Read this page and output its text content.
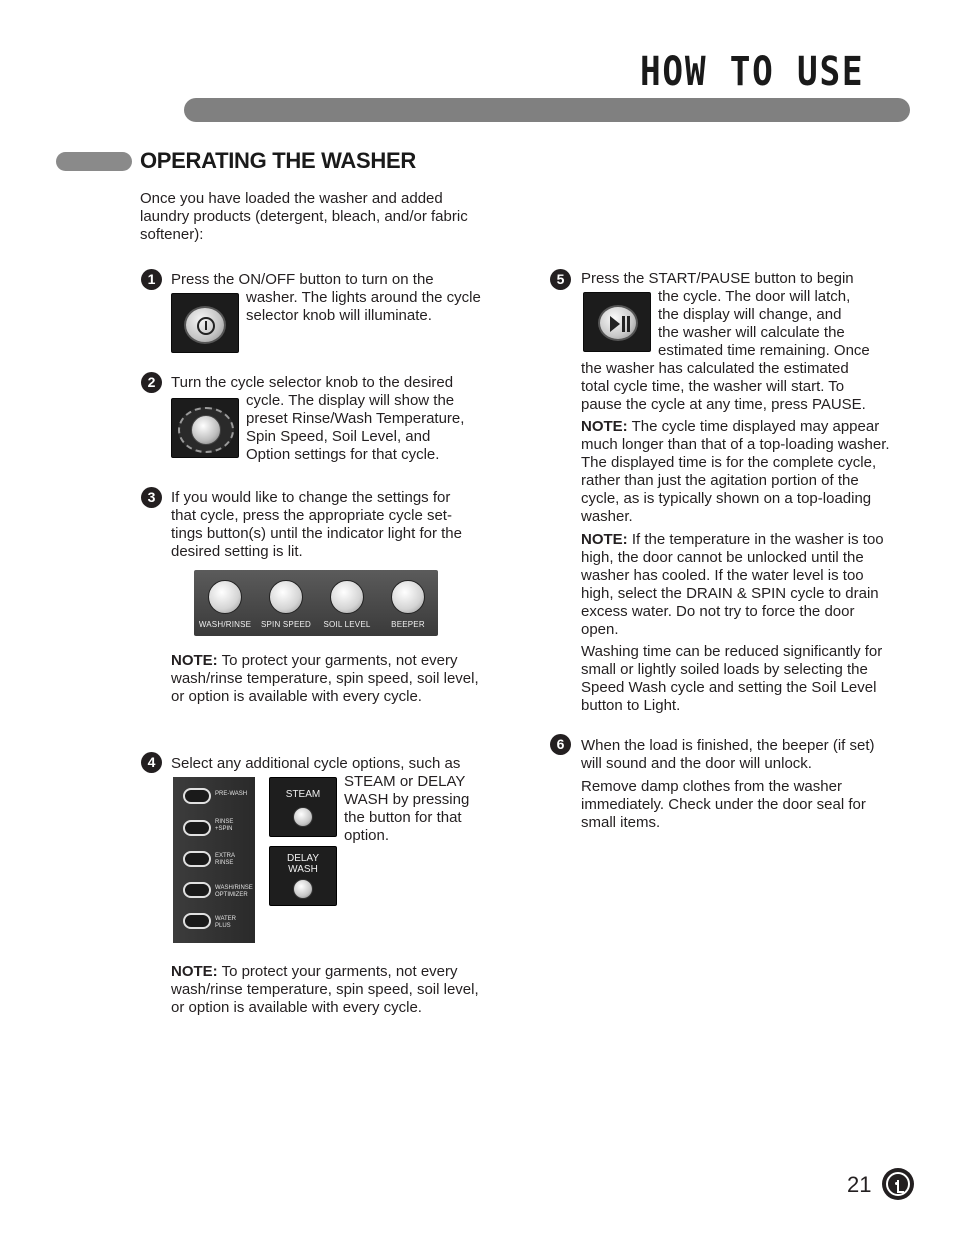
HOW TO USE
OPERATING THE WASHER
Once you have loaded the washer and added laundry products (detergent, bleach, and/or fabric softener):
1	Press the ON/OFF button to turn on the
washer. The lights around the cycle
selector knob will illuminate.
2	Turn the cycle selector knob to the desired
cycle. The display will show the
preset Rinse/Wash Temperature,
Spin Speed, Soil Level, and
Option settings for that cycle.
3	If you would like to change the settings for
that cycle, press the appropriate cycle set-
tings button(s) until the indicator light for the
desired setting is lit.
WASH/RINSE	SPIN SPEED	SOIL LEVEL	BEEPER
NOTE: To protect your garments, not every wash/rinse temperature, spin speed, soil level, or option is available with every cycle.
4	Select any additional cycle options, such as
PRE-WASH
RINSE
+SPIN
EXTRA
RINSE
WASH/RINSE
OPTIMIZER
WATER
PLUS
STEAM
DELAY
WASH
STEAM or DELAY
WASH by pressing
the button for that
option.
NOTE: To protect your garments, not every wash/rinse temperature, spin speed, soil level, or option is available with every cycle.
5	Press the START/PAUSE button to begin
the cycle. The door will latch,
the display will change, and
the washer will calculate the
estimated time remaining. Once
the washer has calculated the estimated
total cycle time, the washer will start. To
pause the cycle at any time, press PAUSE.
NOTE: The cycle time displayed may appear much longer than that of a top-loading washer. The displayed time is for the complete cycle, rather than just the agitation portion of the cycle, as is typically shown on a top-loading washer.
NOTE: If the temperature in the washer is too high, the door cannot be unlocked until the washer has cooled. If the water level is too high, select the DRAIN & SPIN cycle to drain excess water. Do not try to force the door open.
Washing time can be reduced significantly for small or lightly soiled loads by selecting the Speed Wash cycle and setting the Soil Level button to Light.
6	When the load is finished, the beeper (if set)
will sound and the door will unlock.
Remove damp clothes from the washer immediately. Check under the door seal for small items.
21
